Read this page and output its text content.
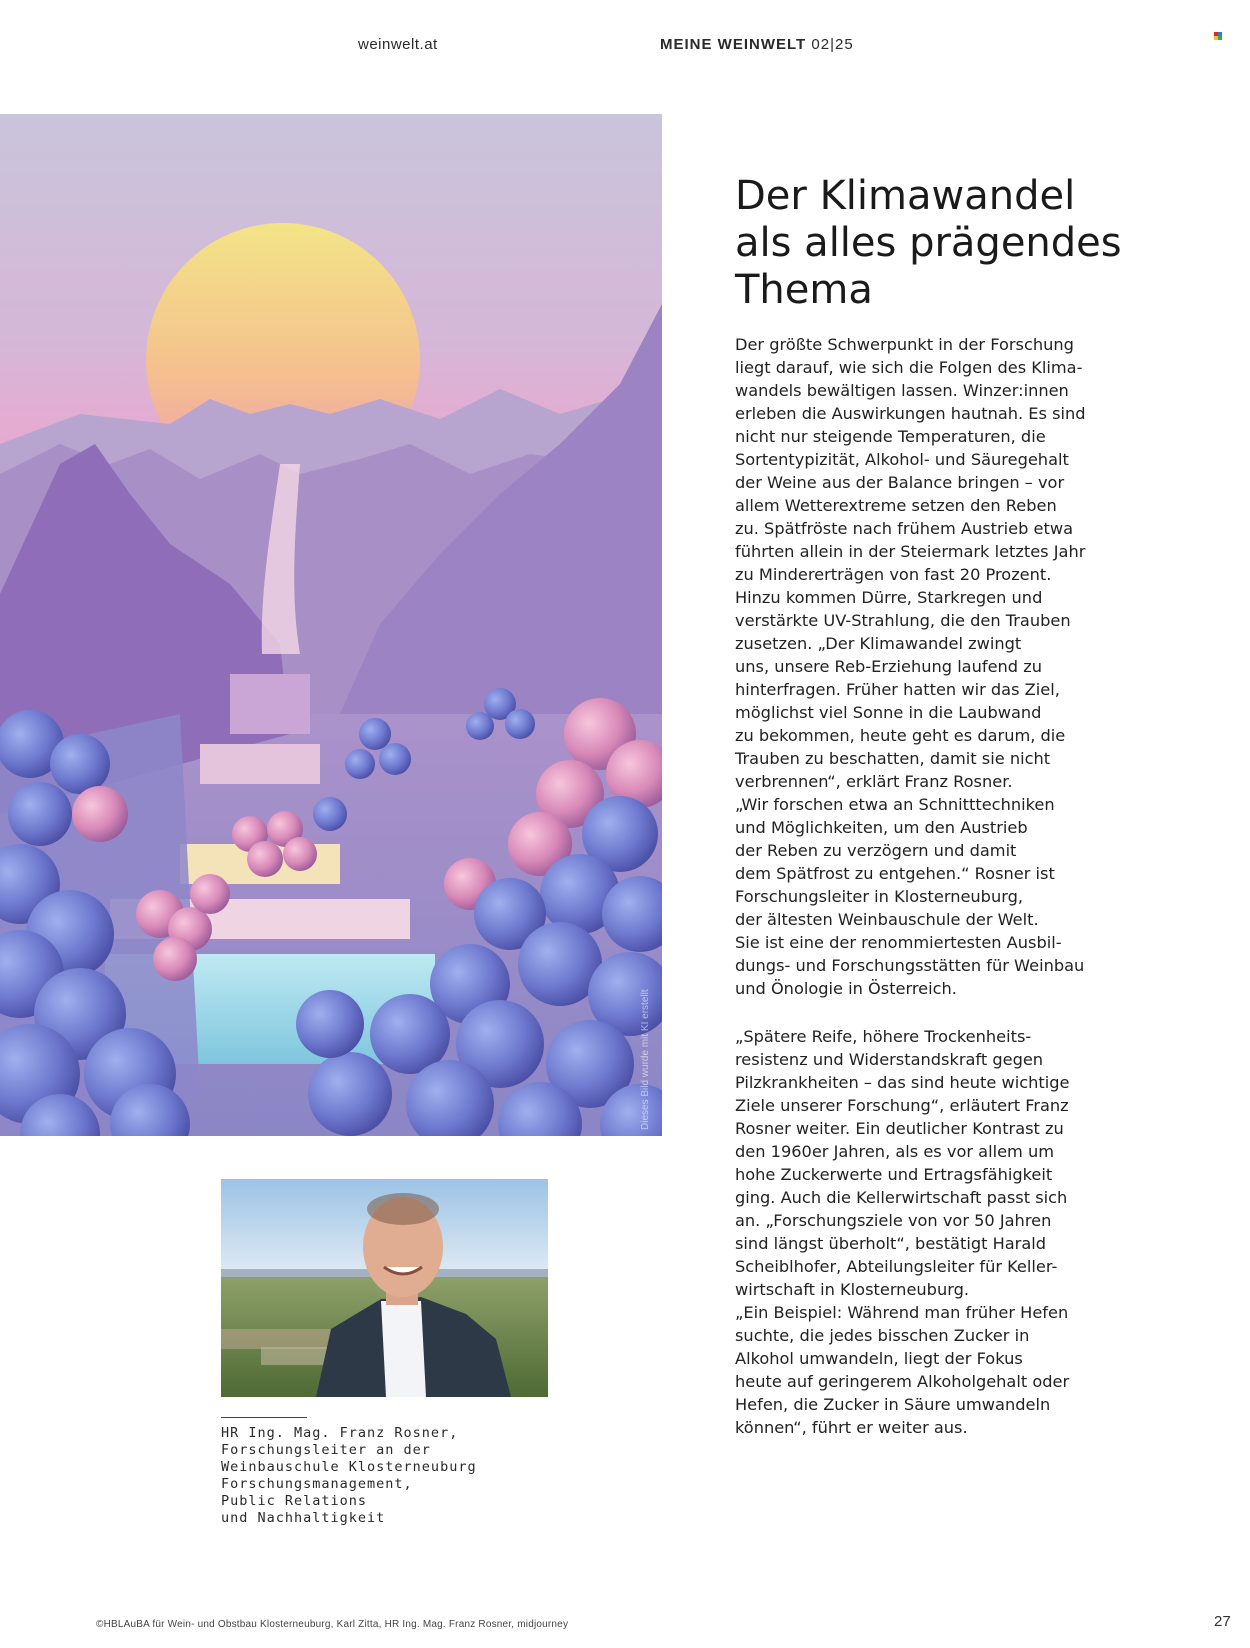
weinwelt.at	MEINE WEINWELT 02|25
Dieses Bild wurde mit KI erstellt
Der Klimawandel
als alles prägendes
Thema
Der größte Schwerpunkt in der Forschung
liegt darauf, wie sich die Folgen des Klima-
wandels bewältigen lassen. Winzer:innen
erleben die Auswirkungen hautnah. Es sind
nicht nur steigende Temperaturen, die
Sortentypizität, Alkohol- und Säuregehalt
der Weine aus der Balance bringen – vor
allem Wetterextreme setzen den Reben
zu. Spätfröste nach frühem Austrieb etwa
führten allein in der Steiermark letztes Jahr
zu Mindererträgen von fast 20 Prozent.
Hinzu kommen Dürre, Starkregen und
verstärkte UV-Strahlung, die den Trauben
zusetzen. „Der Klimawandel zwingt
uns, unsere Reb-Erziehung laufend zu
hinterfragen. Früher hatten wir das Ziel,
möglichst viel Sonne in die Laubwand
zu bekommen, heute geht es darum, die
Trauben zu beschatten, damit sie nicht
verbrennen“, erklärt Franz Rosner.
„Wir forschen etwa an Schnitttechniken
und Möglichkeiten, um den Austrieb
der Reben zu verzögern und damit
dem Spätfrost zu entgehen.“ Rosner ist
Forschungsleiter in Klosterneuburg,
der ältesten Weinbauschule der Welt.
Sie ist eine der renommiertesten Ausbil-
dungs- und Forschungsstätten für Weinbau
und Önologie in Österreich.
„Spätere Reife, höhere Trockenheits-
resistenz und Widerstandskraft gegen
Pilzkrankheiten – das sind heute wichtige
Ziele unserer Forschung“, erläutert Franz
Rosner weiter. Ein deutlicher Kontrast zu
den 1960er Jahren, als es vor allem um
hohe Zuckerwerte und Ertragsfähigkeit
ging. Auch die Kellerwirtschaft passt sich
an. „Forschungsziele von vor 50 Jahren
sind längst überholt“, bestätigt Harald
Scheiblhofer, Abteilungsleiter für Keller-
wirtschaft in Klosterneuburg.
„Ein Beispiel: Während man früher Hefen
suchte, die jedes bisschen Zucker in
Alkohol umwandeln, liegt der Fokus
heute auf geringerem Alkoholgehalt oder
Hefen, die Zucker in Säure umwandeln
können“, führt er weiter aus.
HR Ing. Mag. Franz Rosner,
Forschungsleiter an der
Weinbauschule Klosterneuburg
Forschungsmanagement,
Public Relations
und Nachhaltigkeit
©HBLAuBA für Wein- und Obstbau Klosterneuburg, Karl Zitta, HR Ing. Mag. Franz Rosner, midjourney	27
